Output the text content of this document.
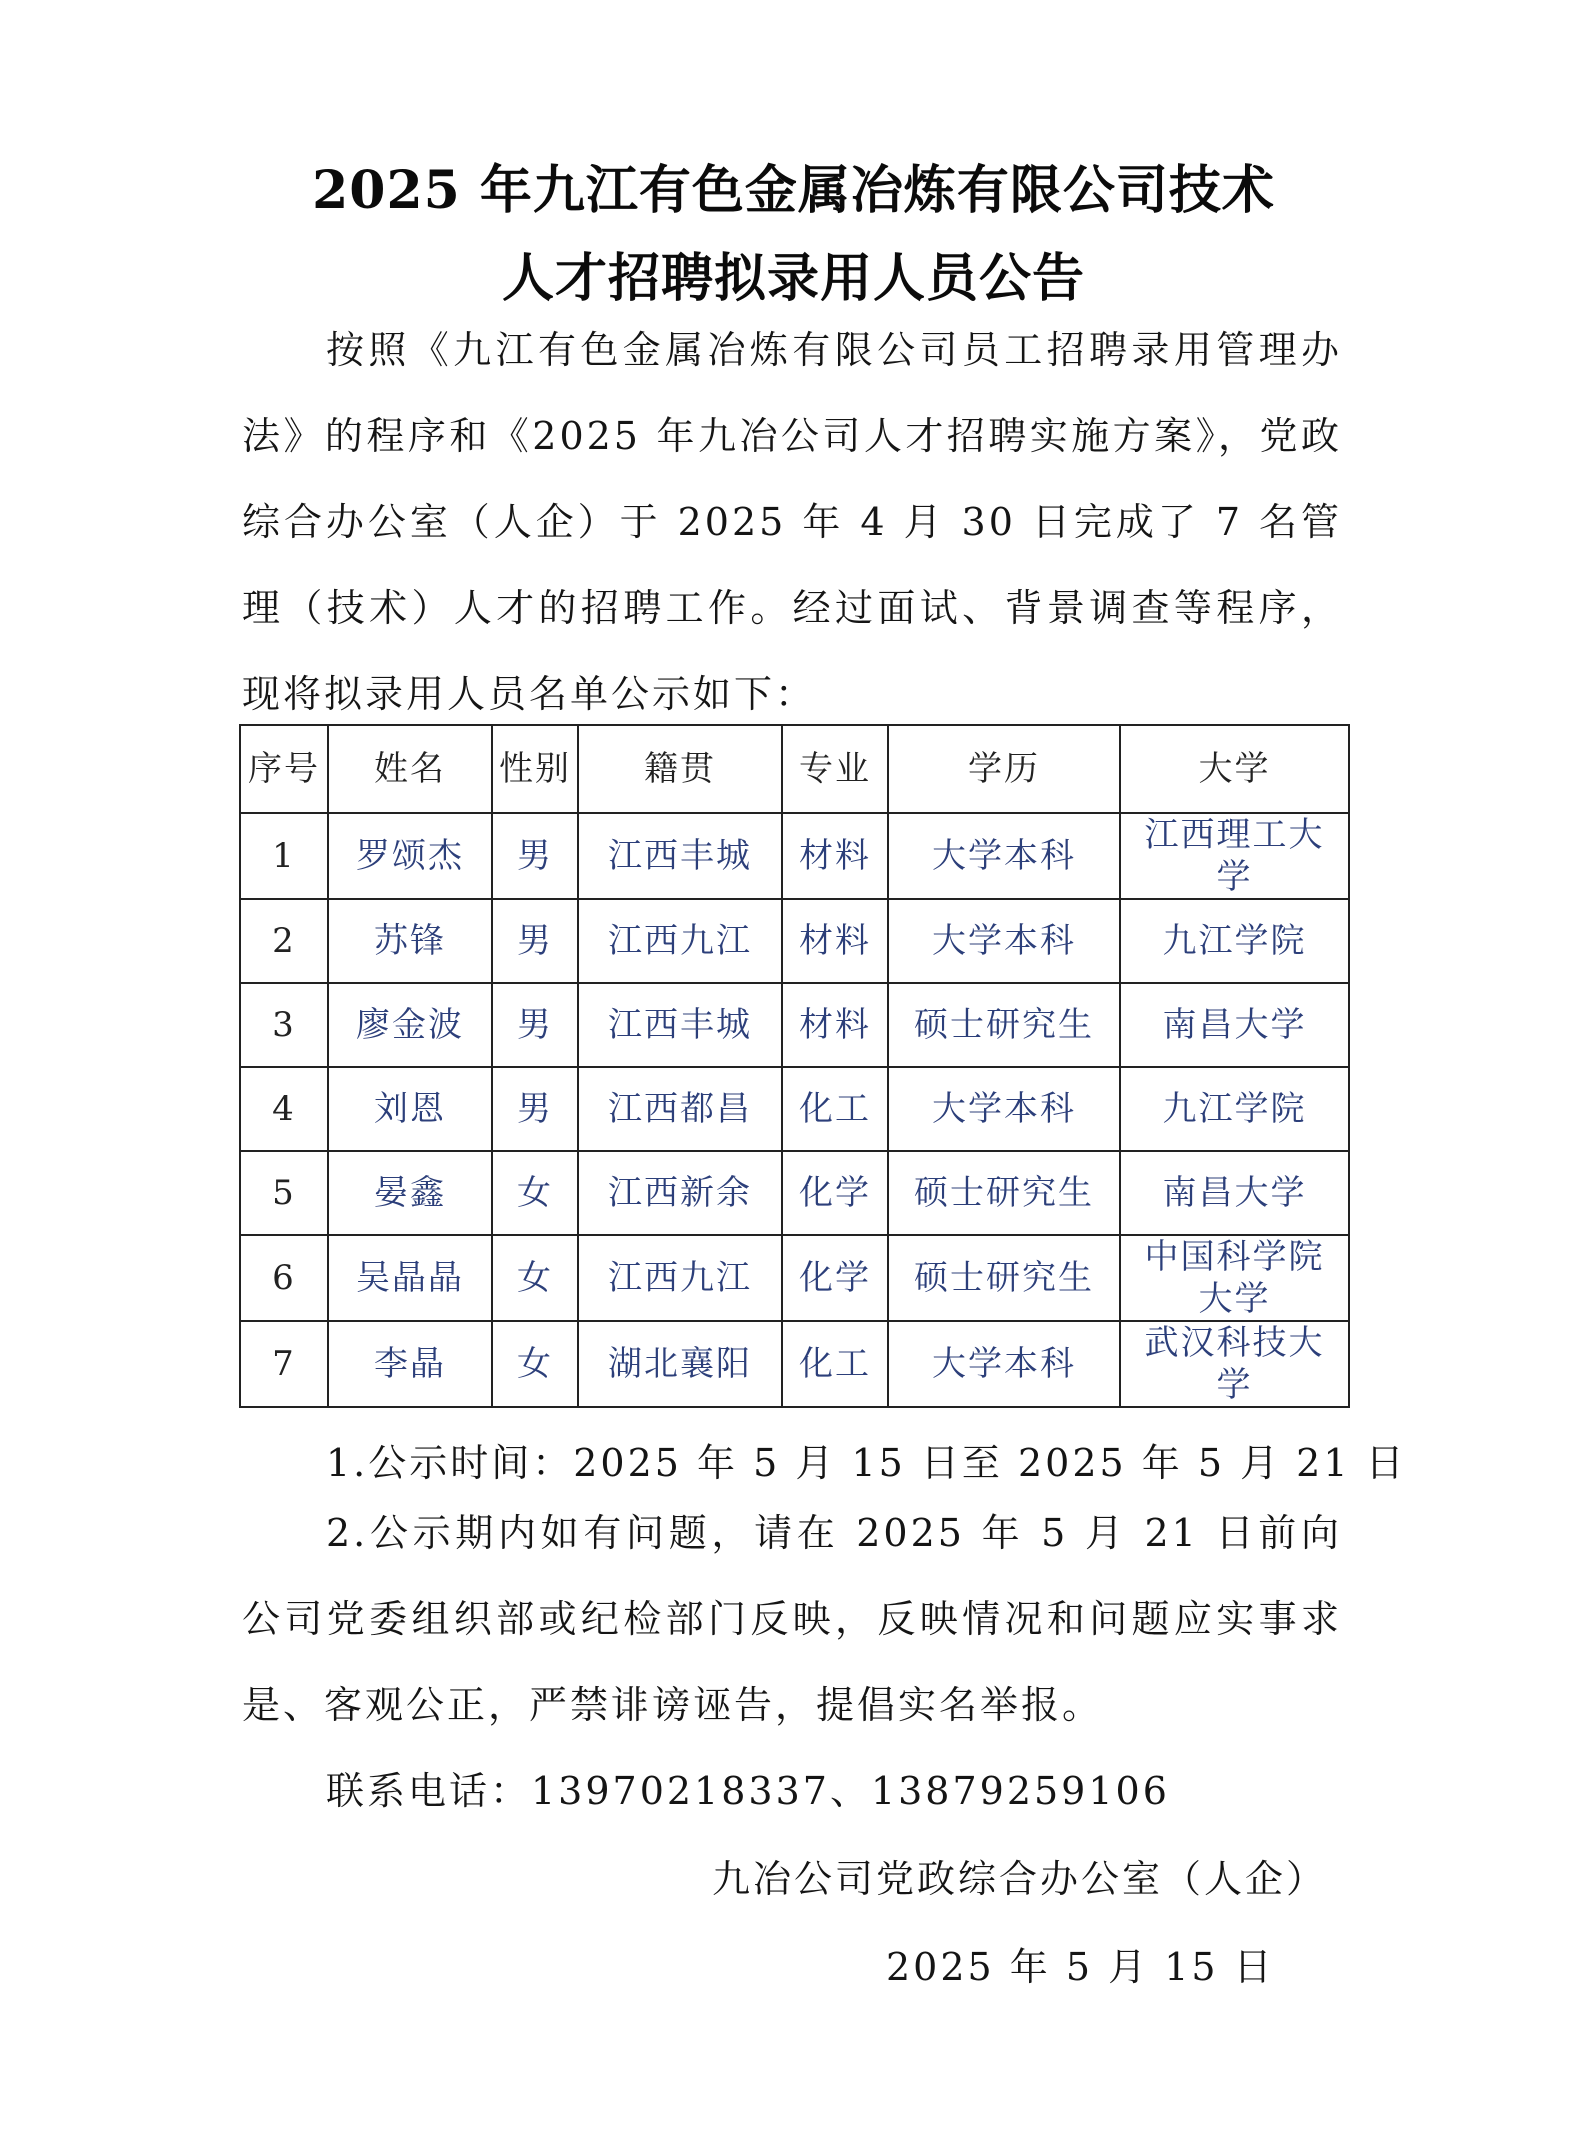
2025 年九江有色金属冶炼有限公司技术
人才招聘拟录用人员公告
按照《九江有色金属冶炼有限公司员工招聘录用管理办法》的程序和《2025 年九冶公司人才招聘实施方案》，党政综合办公室（人企）于 2025 年 4 月 30 日完成了 7 名管理（技术）人才的招聘工作。经过面试、背景调查等程序，现将拟录用人员名单公示如下：
序号	姓名	性别	籍贯	专业	学历	大学
1	罗颂杰	男	江西丰城	材料	大学本科	江西理工大学
2	苏锋	男	江西九江	材料	大学本科	九江学院
3	廖金波	男	江西丰城	材料	硕士研究生	南昌大学
4	刘恩	男	江西都昌	化工	大学本科	九江学院
5	晏鑫	女	江西新余	化学	硕士研究生	南昌大学
6	吴晶晶	女	江西九江	化学	硕士研究生	中国科学院大学
7	李晶	女	湖北襄阳	化工	大学本科	武汉科技大学
1.公示时间：2025 年 5 月 15 日至 2025 年 5 月 21 日
2.公示期内如有问题，请在 2025 年 5 月 21 日前向公司党委组织部或纪检部门反映，反映情况和问题应实事求是、客观公正，严禁诽谤诬告，提倡实名举报。
联系电话：13970218337、13879259106
九冶公司党政综合办公室（人企）
2025 年 5 月 15 日
